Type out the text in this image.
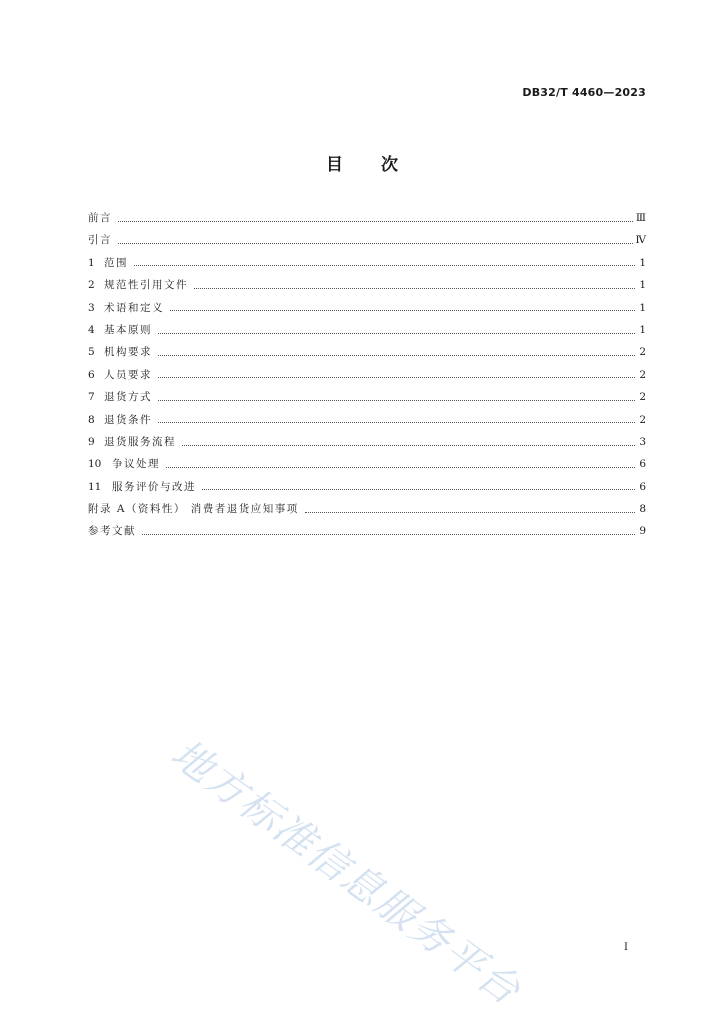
DB32/T 4460—2023
目 次
前言	Ⅲ
引言	Ⅳ
1 范围	1
2 规范性引用文件	1
3 术语和定义	1
4 基本原则	1
5 机构要求	2
6 人员要求	2
7 退货方式	2
8 退货条件	2
9 退货服务流程	3
10	争议处理	6
11	服务评价与改进	6
附录 A（资料性） 消费者退货应知事项	8
参考文献	9
地方标准信息服务平台	I
